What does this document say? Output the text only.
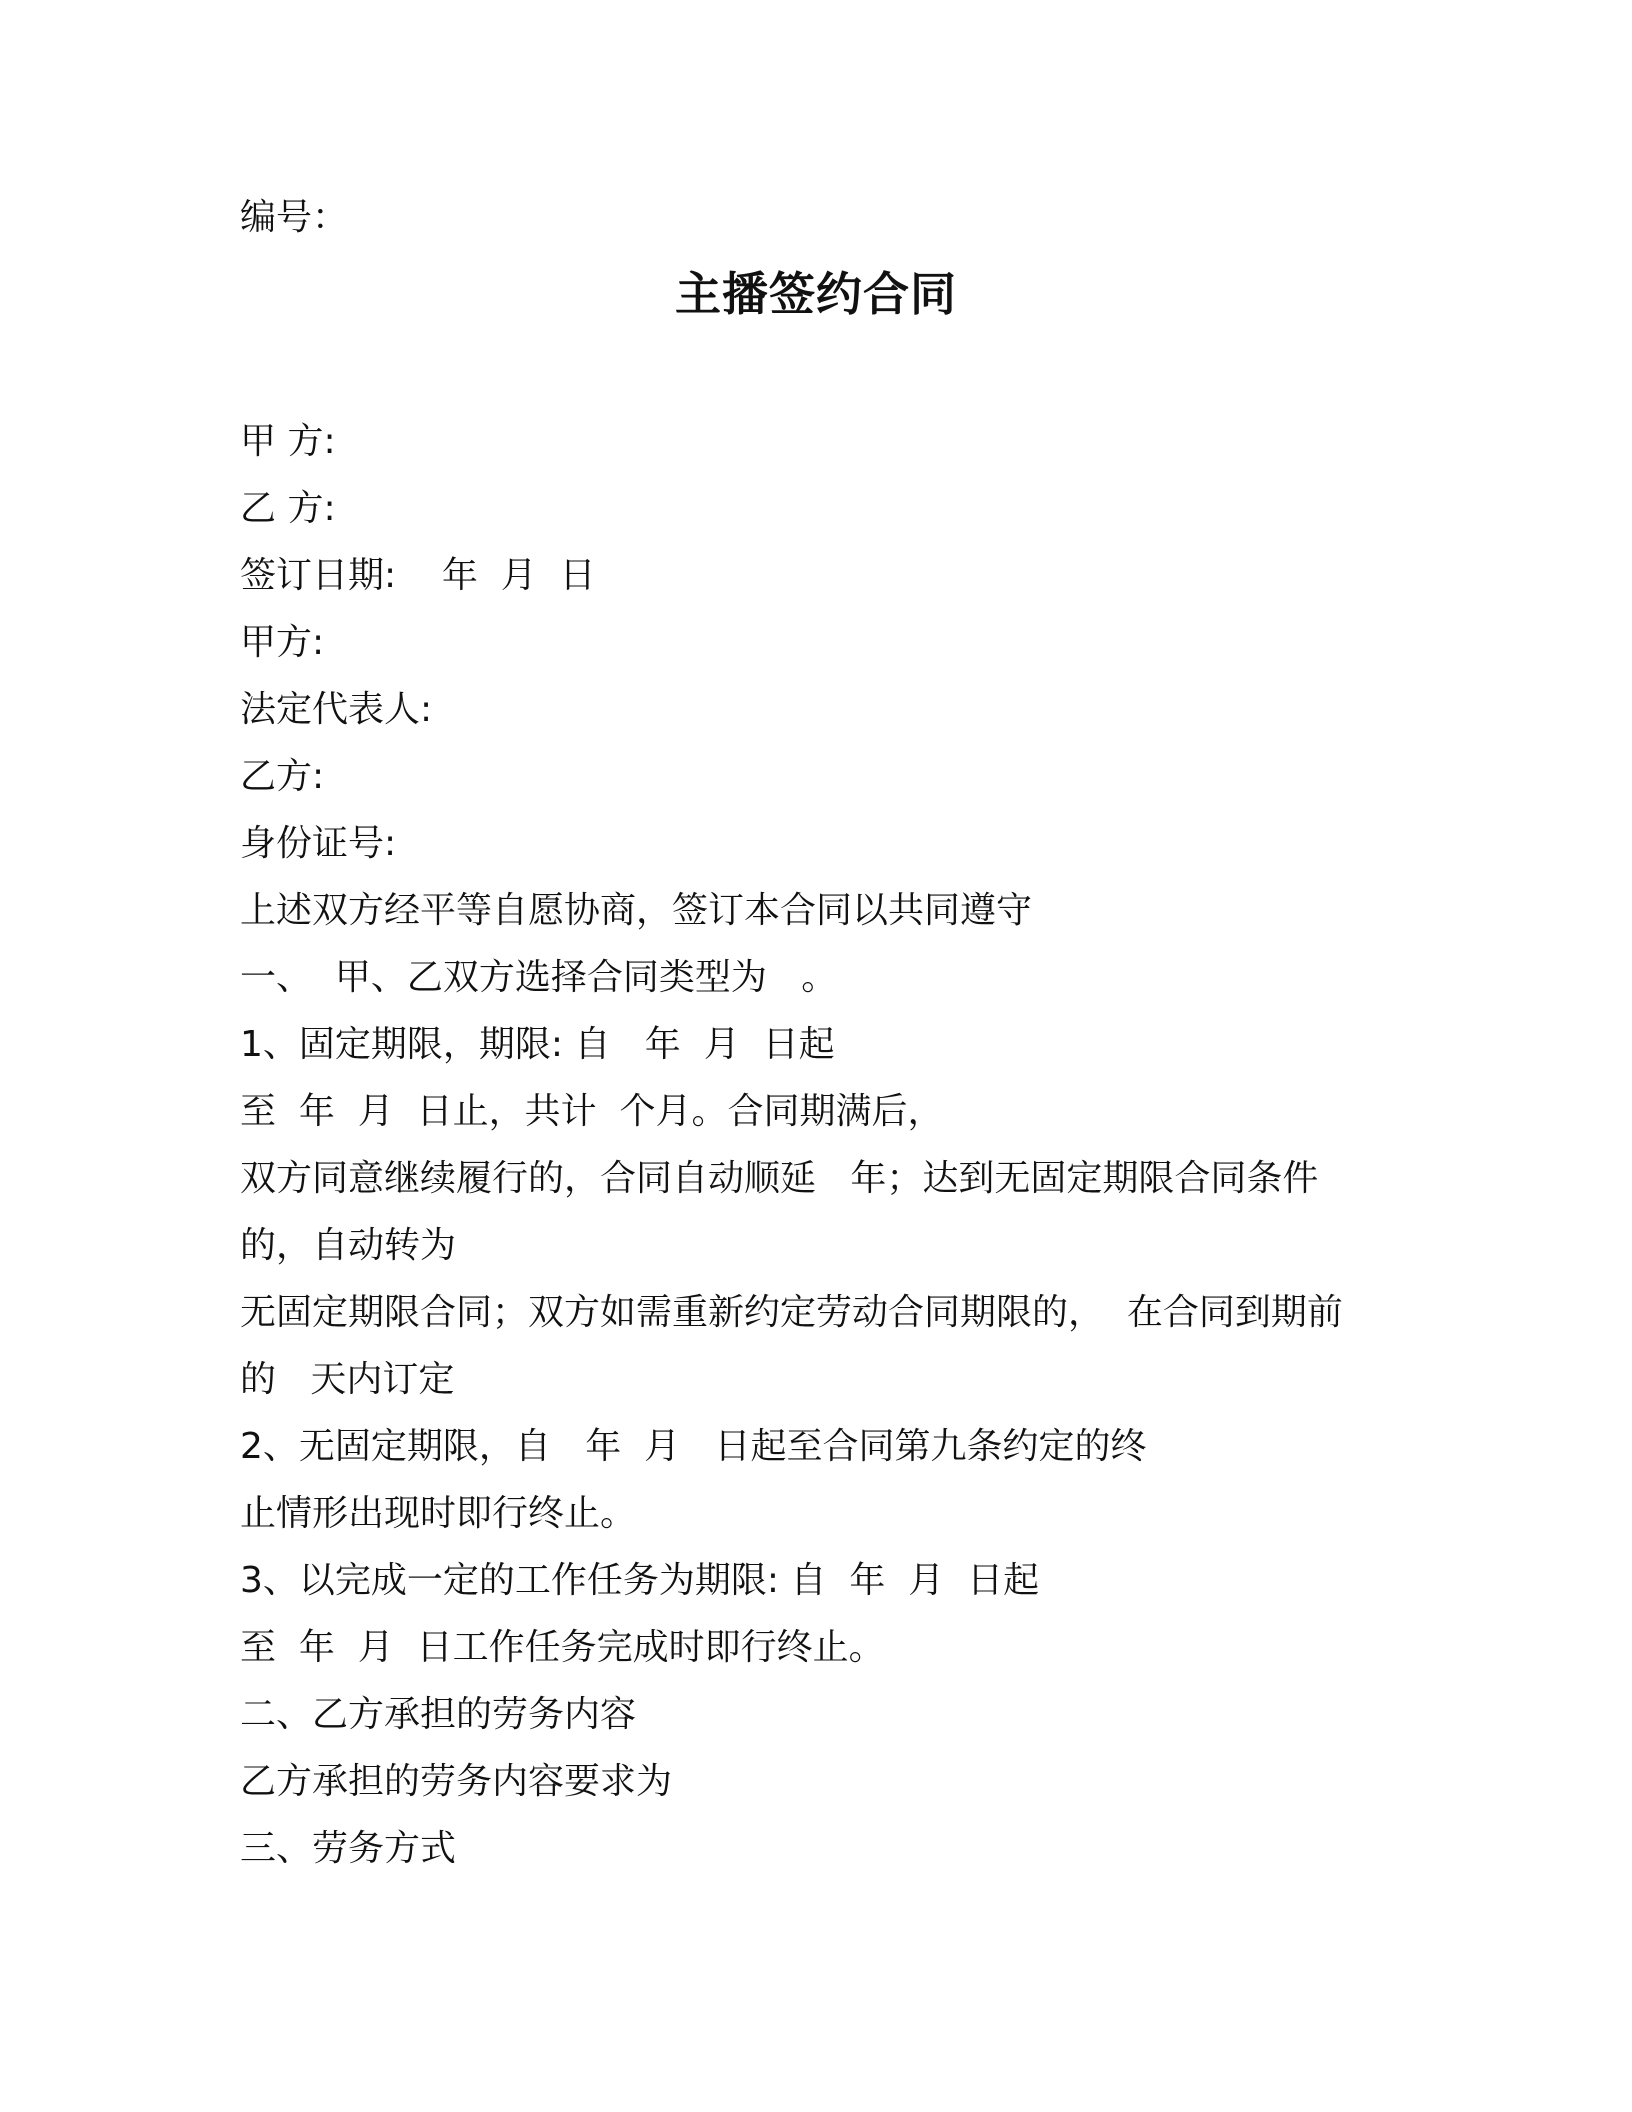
编号：
主播签约合同
甲 方:
乙 方:
签订日期:    年  月  日
甲方:
法定代表人:
乙方:
身份证号:
上述双方经平等自愿协商，签订本合同以共同遵守
一、  甲、乙双方选择合同类型为   。
1、固定期限，期限: 自   年  月  日起
至  年  月  日止，共计  个月。合同期满后，
双方同意继续履行的，合同自动顺延   年；达到无固定期限合同条件
的，自动转为
无固定期限合同；双方如需重新约定劳动合同期限的，  在合同到期前
的   天内订定
2、无固定期限，自   年  月   日起至合同第九条约定的终
止情形出现时即行终止。
3、以完成一定的工作任务为期限: 自  年  月  日起
至  年  月  日工作任务完成时即行终止。
二、乙方承担的劳务内容
乙方承担的劳务内容要求为
三、劳务方式
